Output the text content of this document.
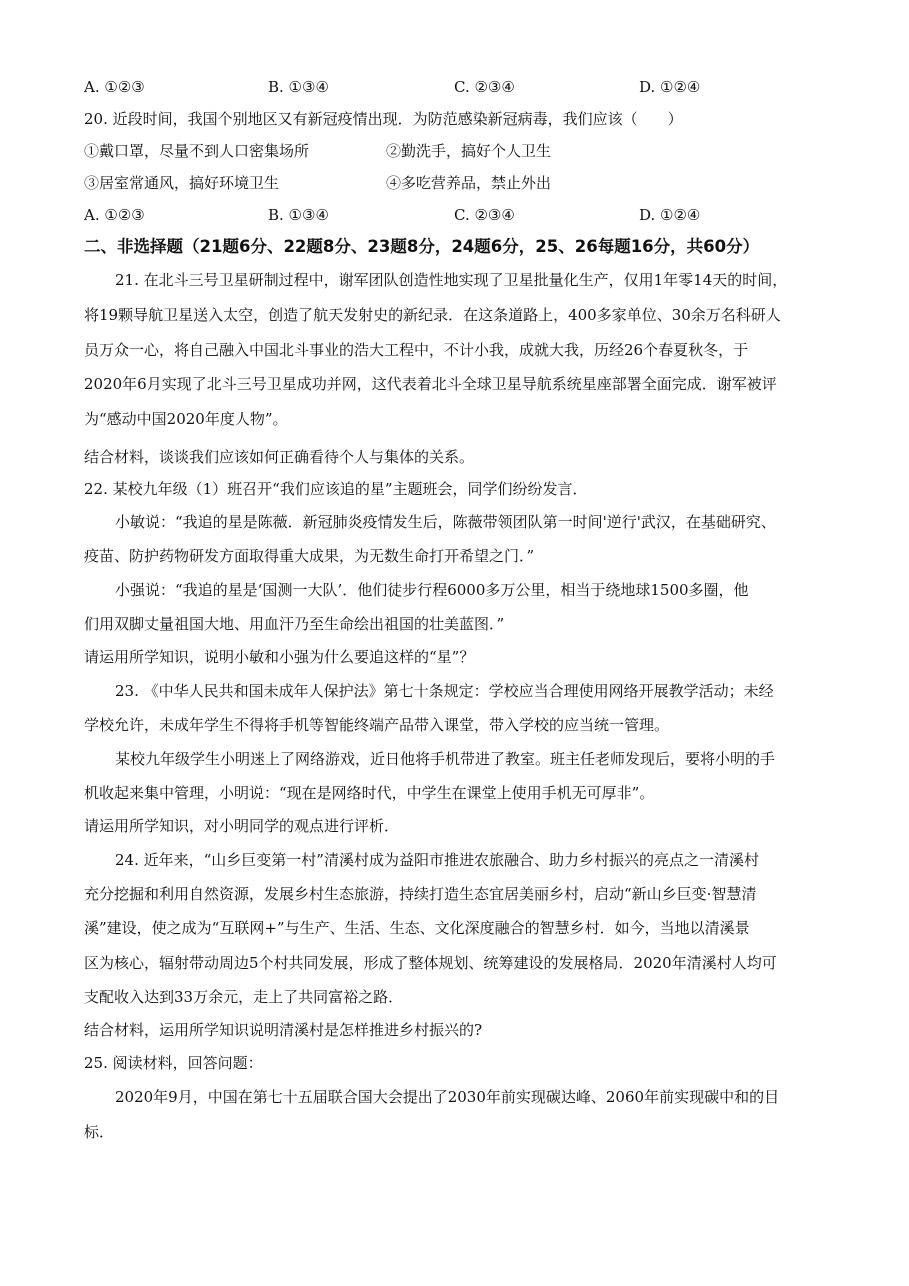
A. ①②③	B. ①③④	C. ②③④	D. ①②④
20. 近段时间，我国个别地区又有新冠疫情出现．为防范感染新冠病毒，我们应该（　　）
①戴口罩，尽量不到人口密集场所	②勤洗手，搞好个人卫生
③居室常通风，搞好环境卫生	④多吃营养品，禁止外出
A. ①②③	B. ①③④	C. ②③④	D. ①②④
二、非选择题（21题6分、22题8分、23题8分，24题6分，25、26每题16分，共60分）
21. 在北斗三号卫星研制过程中，谢军团队创造性地实现了卫星批量化生产，仅用1年零14天的时间，
将19颗导航卫星送入太空，创造了航天发射史的新纪录．在这条道路上，400多家单位、30余万名科研人
员万众一心，将自己融入中国北斗事业的浩大工程中，不计小我，成就大我，历经26个春夏秋冬，于
2020年6月实现了北斗三号卫星成功并网，这代表着北斗全球卫星导航系统星座部署全面完成．谢军被评
为“感动中国2020年度人物”。
结合材料，谈谈我们应该如何正确看待个人与集体的关系。
22. 某校九年级（1）班召开“我们应该追的星”主题班会，同学们纷纷发言．
小敏说：“我追的星是陈薇．新冠肺炎疫情发生后，陈薇带领团队第一时间'逆行'武汉，在基础研究、
疫苗、防护药物研发方面取得重大成果，为无数生命打开希望之门．”
小强说：“我追的星是‘国测一大队’．他们徒步行程6000多万公里，相当于绕地球1500多圈，他
们用双脚丈量祖国大地、用血汗乃至生命绘出祖国的壮美蓝图．”
请运用所学知识，说明小敏和小强为什么要追这样的“星”？
23. 《中华人民共和国未成年人保护法》第七十条规定：学校应当合理使用网络开展教学活动；未经
学校允许，未成年学生不得将手机等智能终端产品带入课堂，带入学校的应当统一管理。
某校九年级学生小明迷上了网络游戏，近日他将手机带进了教室。班主任老师发现后，要将小明的手
机收起来集中管理，小明说：“现在是网络时代，中学生在课堂上使用手机无可厚非”。
请运用所学知识，对小明同学的观点进行评析．
24. 近年来，“山乡巨变第一村”清溪村成为益阳市推进农旅融合、助力乡村振兴的亮点之一清溪村
充分挖掘和利用自然资源，发展乡村生态旅游，持续打造生态宜居美丽乡村，启动“新山乡巨变·智慧清
溪”建设，使之成为“互联网+”与生产、生活、生态、文化深度融合的智慧乡村．如今，当地以清溪景
区为核心，辐射带动周边5个村共同发展，形成了整体规划、统筹建设的发展格局．2020年清溪村人均可
支配收入达到33万余元，走上了共同富裕之路．
结合材料，运用所学知识说明清溪村是怎样推进乡村振兴的?
25. 阅读材料，回答问题：
2020年9月，中国在第七十五届联合国大会提出了2030年前实现碳达峰、2060年前实现碳中和的目
标．
